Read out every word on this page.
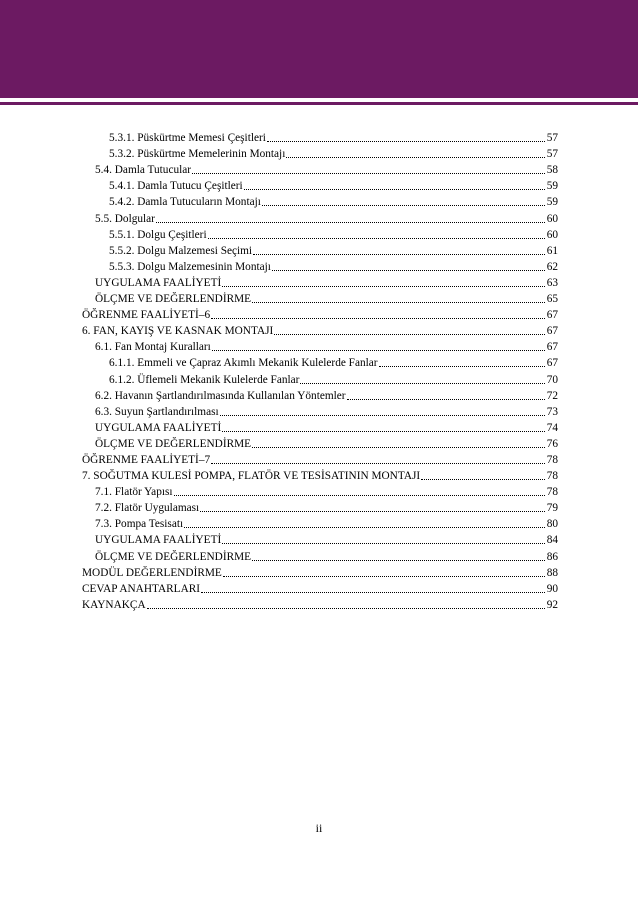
5.3.1. Püskürtme Memesi Çeşitleri	57
5.3.2. Püskürtme Memelerinin Montajı	57
5.4. Damla Tutucular	58
5.4.1. Damla Tutucu Çeşitleri	59
5.4.2. Damla Tutucuların Montajı	59
5.5. Dolgular	60
5.5.1. Dolgu Çeşitleri	60
5.5.2. Dolgu Malzemesi Seçimi	61
5.5.3. Dolgu Malzemesinin Montajı	62
UYGULAMA FAALİYETİ	63
ÖLÇME VE DEĞERLENDİRME	65
ÖĞRENME FAALİYETİ–6	67
6. FAN, KAYIŞ VE KASNAK MONTAJI	67
6.1. Fan Montaj Kuralları	67
6.1.1. Emmeli ve Çapraz Akımlı Mekanik Kulelerde Fanlar	67
6.1.2. Üflemeli Mekanik Kulelerde Fanlar	70
6.2. Havanın Şartlandırılmasında Kullanılan Yöntemler	72
6.3. Suyun Şartlandırılması	73
UYGULAMA FAALİYETİ	74
ÖLÇME VE DEĞERLENDİRME	76
ÖĞRENME FAALİYETİ–7	78
7. SOĞUTMA KULESİ POMPA, FLATÖR VE TESİSATININ MONTAJI	78
7.1. Flatör Yapısı	78
7.2. Flatör Uygulaması	79
7.3. Pompa Tesisatı	80
UYGULAMA FAALİYETİ	84
ÖLÇME VE DEĞERLENDİRME	86
MODÜL DEĞERLENDİRME	88
CEVAP ANAHTARLARI	90
KAYNAKÇA	92
ii
